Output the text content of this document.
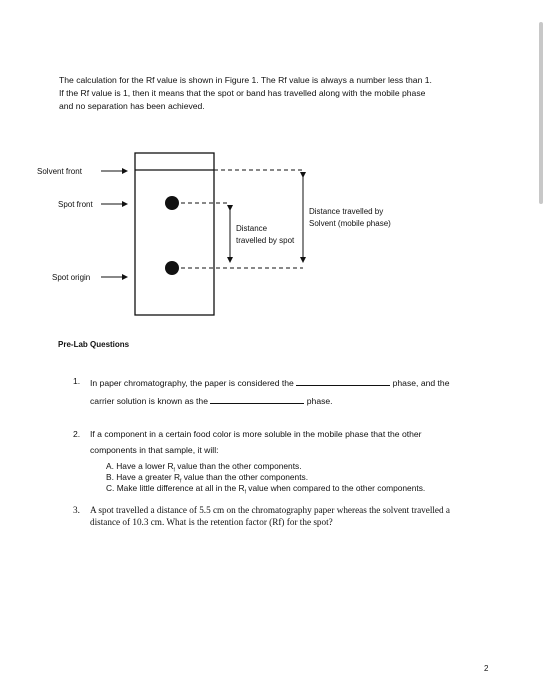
The calculation for the Rf value is shown in Figure 1. The Rf value is always a number less than 1.
If the Rf value is 1, then it means that the spot or band has travelled along with the mobile phase
and no separation has been achieved.
Solvent front
Spot front
Spot origin
Distance
travelled by spot
Distance travelled by
Solvent (mobile phase)
Pre-Lab Questions
1. In paper chromatography, the paper is considered the	phase, and the
carrier solution is known as the	phase.
2. If a component in a certain food color is more soluble in the mobile phase that the other
components in that sample, it will:
A. Have a lower $R_f$ value than the other components.
B. Have a greater $R_f$ value than the other components.
C. Make little difference at all in the $R_f$ value when compared to the other components.
3. A spot travelled a distance of 5.5 cm on the chromatography paper whereas the solvent travelled a
distance of 10.3 cm. What is the retention factor (Rf) for the spot?
2
